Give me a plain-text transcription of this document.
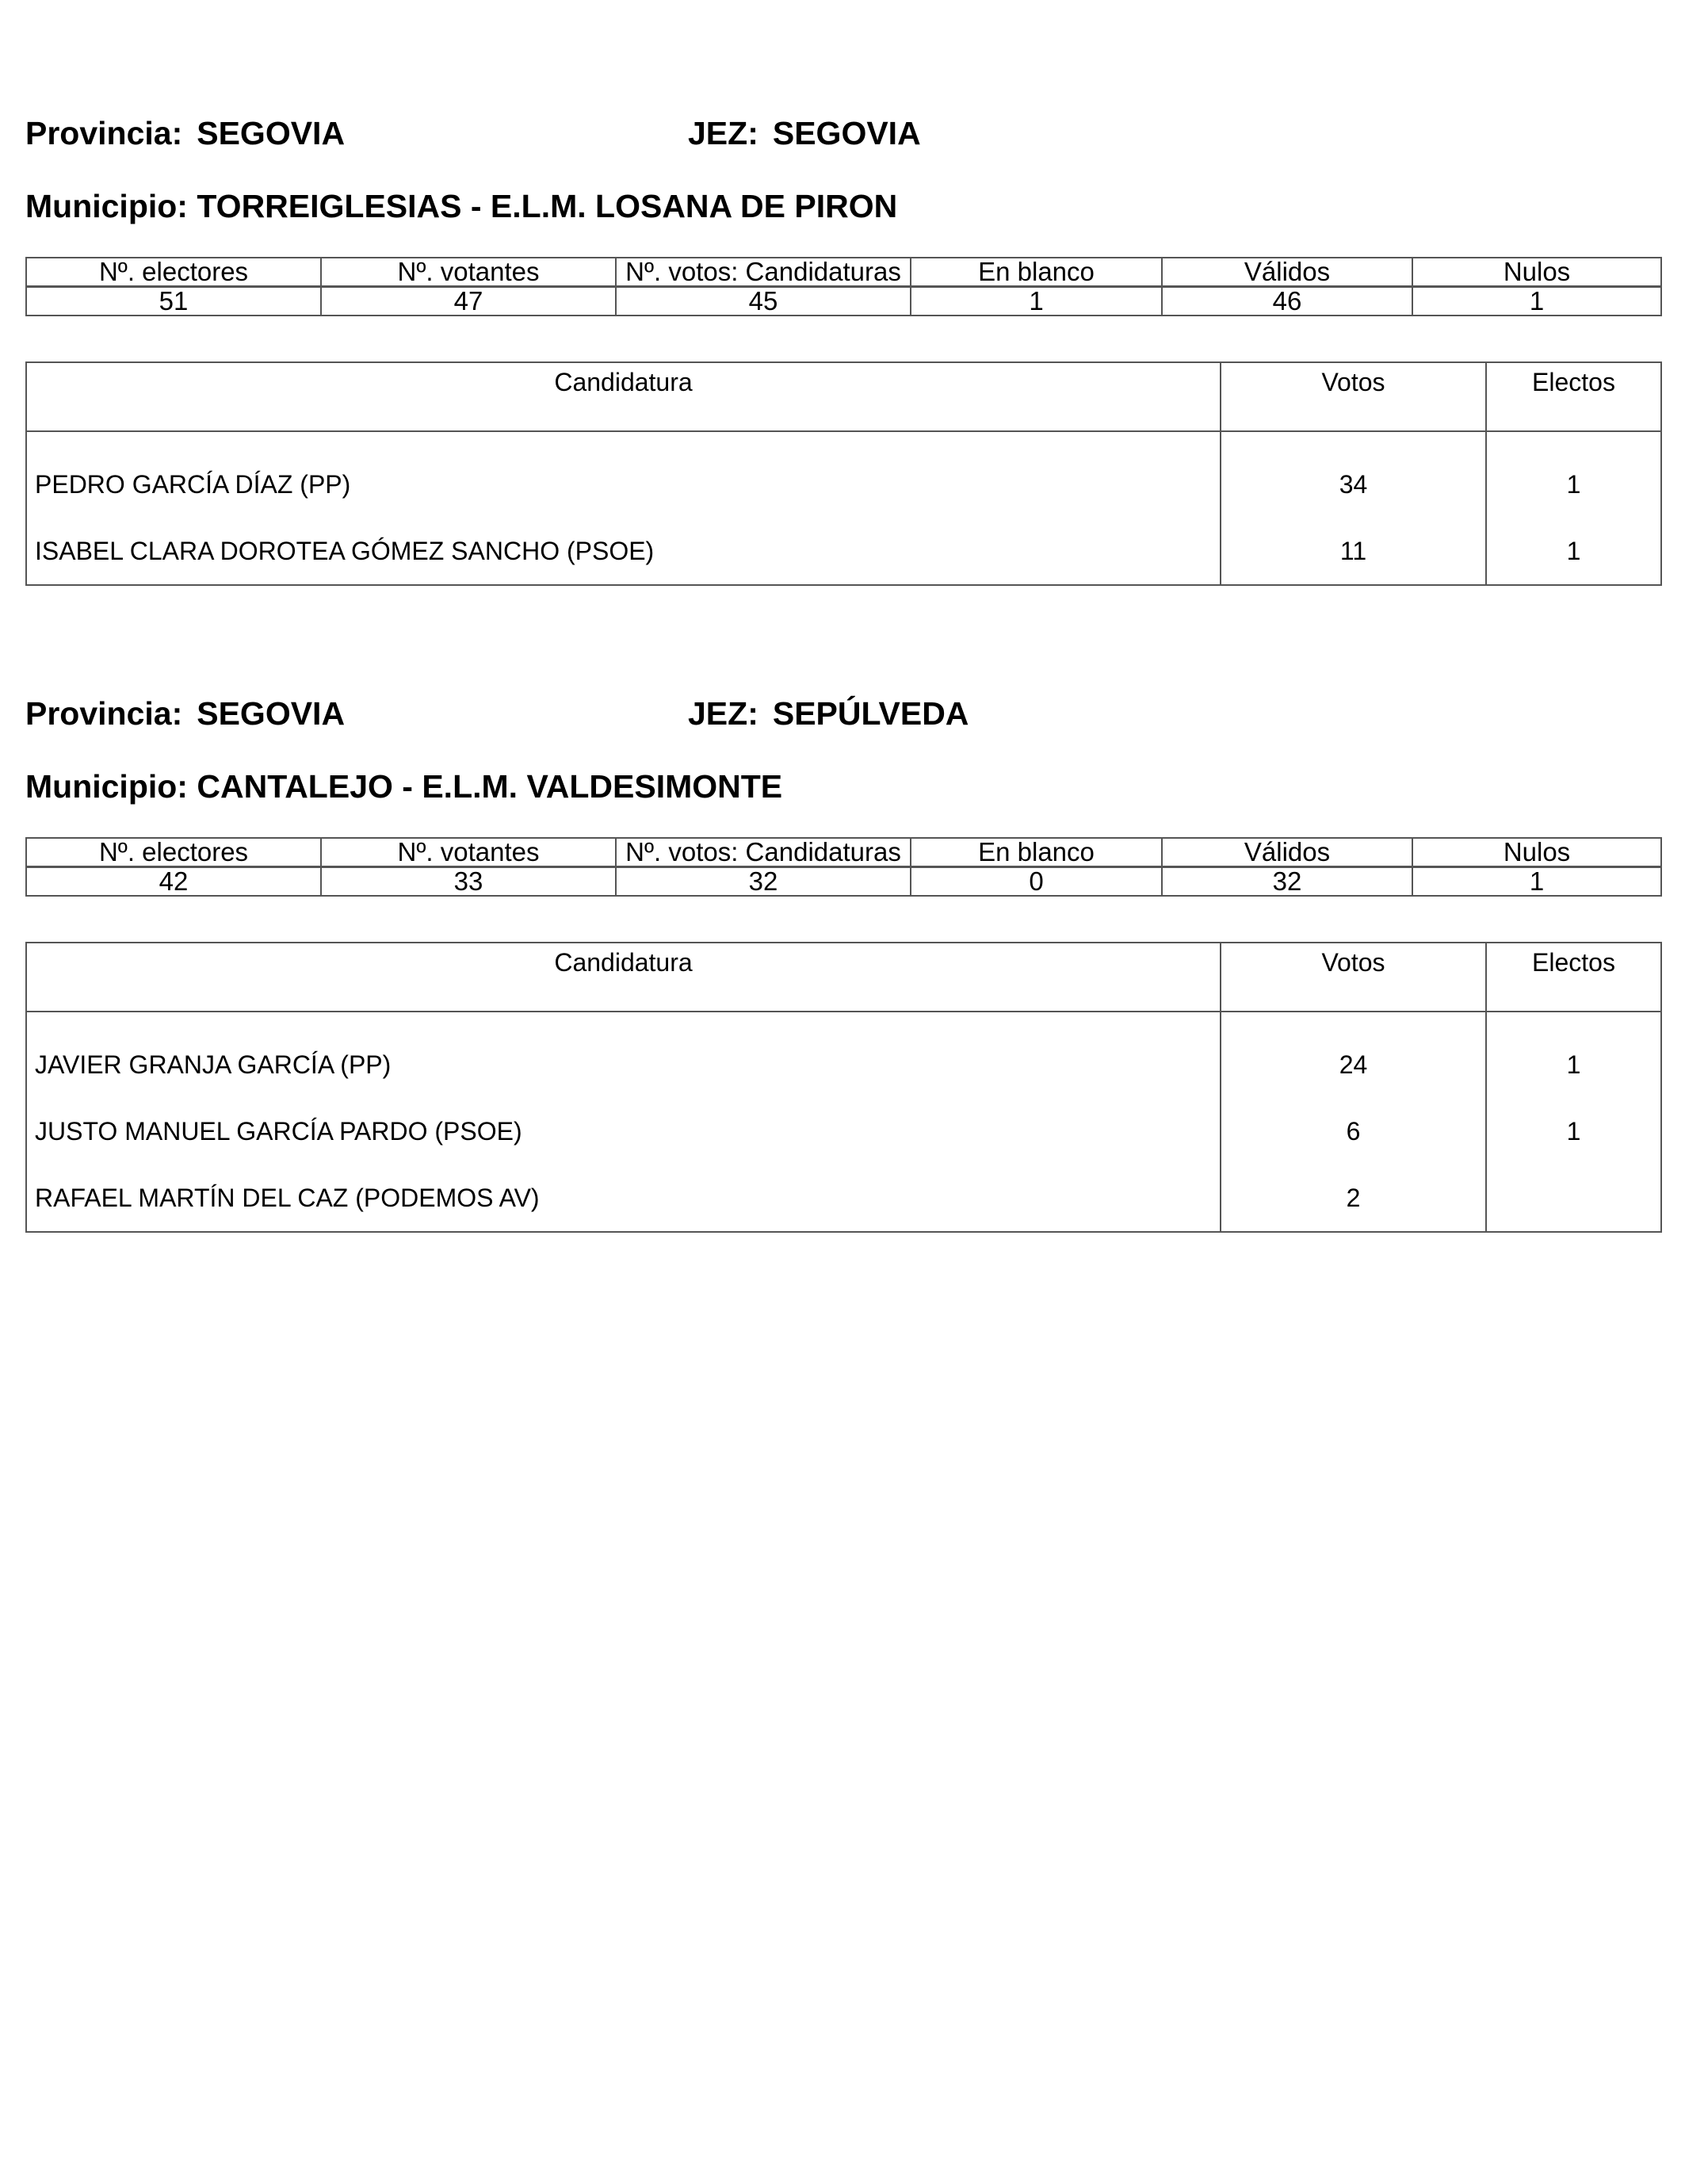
Provincia: SEGOVIA	JEZ: SEGOVIA
Municipio: TORREIGLESIAS - E.L.M. LOSANA DE PIRON
Nº. electores	Nº. votantes	Nº. votos: Candidaturas	En blanco	Válidos	Nulos
51	47	45	1	46	1
Candidatura	Votos	Electos
PEDRO GARCÍA DÍAZ (PP)	34	1
ISABEL CLARA DOROTEA GÓMEZ SANCHO (PSOE)	11	1
Provincia: SEGOVIA	JEZ: SEPÚLVEDA
Municipio: CANTALEJO - E.L.M. VALDESIMONTE
Nº. electores	Nº. votantes	Nº. votos: Candidaturas	En blanco	Válidos	Nulos
42	33	32	0	32	1
Candidatura	Votos	Electos
JAVIER GRANJA GARCÍA (PP)	24	1
JUSTO MANUEL GARCÍA PARDO (PSOE)	6	1
RAFAEL MARTÍN DEL CAZ (PODEMOS AV)	2	
